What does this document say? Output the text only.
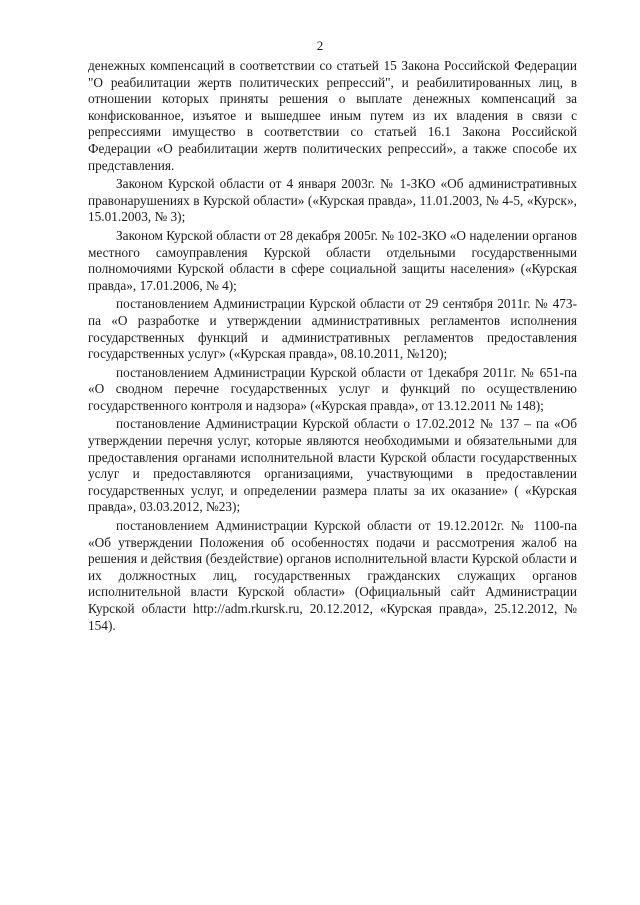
2

денежных компенсаций в соответствии со статьей 15 Закона Российской Федерации "О реабилитации жертв политических репрессий", и реабилитированных лиц, в отношении которых приняты решения о выплате денежных компенсаций за конфискованное, изъятое и вышедшее иным путем из их владения в связи с репрессиями имущество в соответствии со статьей 16.1 Закона Российской Федерации «О реабилитации жертв политических репрессий», а также способе их представления.

Законом Курской области от 4 января 2003г. № 1-ЗКО «Об административных правонарушениях в Курской области» («Курская правда», 11.01.2003, № 4-5, «Курск», 15.01.2003, № 3);

Законом Курской области от 28 декабря 2005г. № 102-ЗКО «О наделении органов местного самоуправления Курской области отдельными государственными полномочиями Курской области в сфере социальной защиты населения» («Курская правда», 17.01.2006, № 4);

постановлением Администрации Курской области от 29 сентября 2011г. № 473-па «О разработке и утверждении административных регламентов исполнения государственных функций и административных регламентов предоставления государственных услуг» («Курская правда», 08.10.2011, №120);

постановлением Администрации Курской области от 1декабря 2011г. № 651-па «О сводном перечне государственных услуг и функций по осуществлению государственного контроля и надзора» («Курская правда», от 13.12.2011 № 148);

постановление Администрации Курской области о 17.02.2012 № 137 – па «Об утверждении перечня услуг, которые являются необходимыми и обязательными для предоставления органами исполнительной власти Курской области государственных услуг и предоставляются организациями, участвующими в предоставлении государственных услуг, и определении размера платы за их оказание» ( «Курская правда», 03.03.2012, №23);

постановлением Администрации Курской области от 19.12.2012г. № 1100-па «Об утверждении Положения об особенностях подачи и рассмотрения жалоб на решения и действия (бездействие) органов исполнительной власти Курской области и их должностных лиц, государственных гражданских служащих органов исполнительной власти Курской области» (Официальный сайт Администрации Курской области http://adm.rkursk.ru, 20.12.2012, «Курская правда», 25.12.2012, № 154).
